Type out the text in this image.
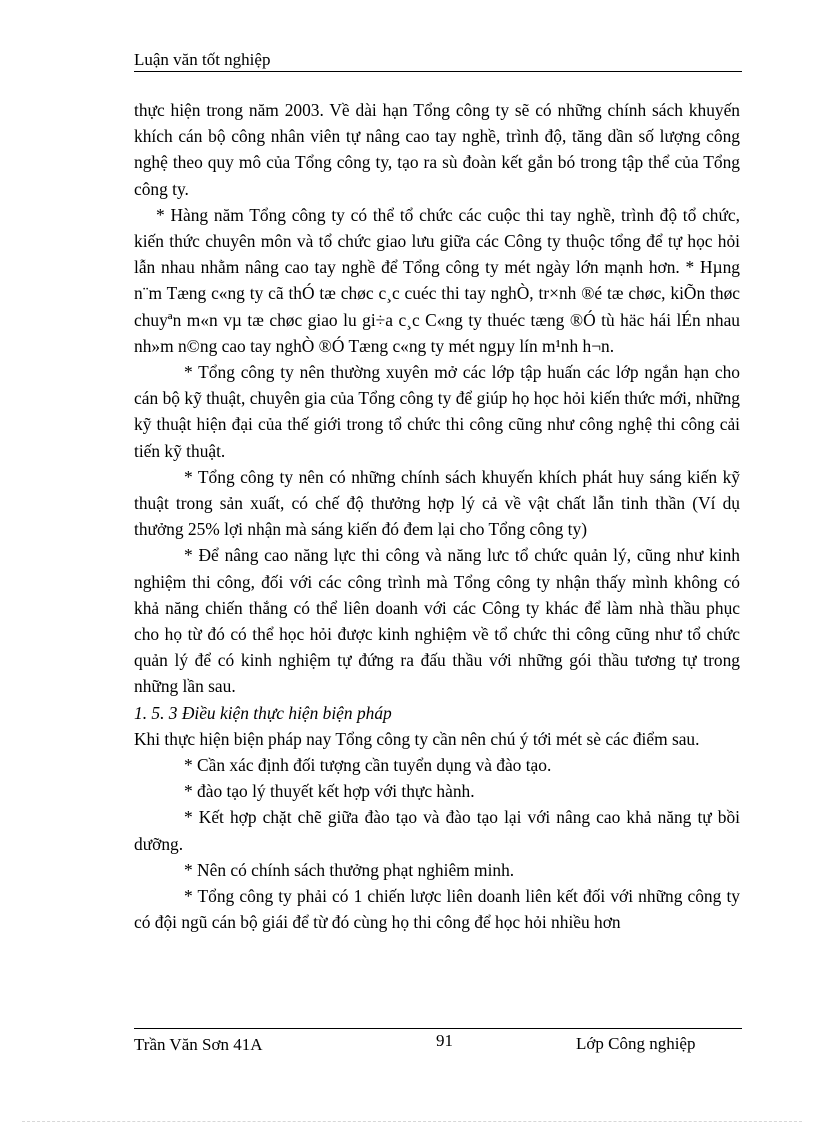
Luận văn tốt nghiệp

thực hiện trong năm 2003. Về dài hạn Tổng công ty sẽ có những chính sách khuyến khích cán bộ công nhân viên tự nâng cao tay nghề, trình độ, tăng dần số lượng công nghệ theo quy mô của Tổng công ty, tạo ra sù đoàn kết gắn bó trong tập thể của Tổng công ty.

* Hàng năm Tổng công ty có thể tổ chức các cuộc thi tay nghề, trình độ tổ chức, kiến thức chuyên môn và tổ chức giao lưu giữa các Công ty thuộc tổng để tự học hỏi lẫn nhau nhằm nâng cao tay nghề để Tổng công ty mét ngày lớn mạnh hơn. * Hµng n¨m Tæng c«ng ty cã thÓ tæ chøc c¸c cuéc thi tay nghÒ, tr×nh ®é tæ chøc, kiÕn thøc chuyªn m«n vµ tæ chøc giao lu gi÷a c¸c C«ng ty thuéc tæng ®Ó tù häc hái lÉn nhau nh»m n©ng cao tay nghÒ ®Ó Tæng c«ng ty mét ngµy lín m¹nh h¬n.

* Tổng công ty nên thường xuyên mở các lớp tập huấn các lớp ngắn hạn cho cán bộ kỹ thuật, chuyên gia của Tổng công ty để giúp họ học hỏi kiến thức mới, những kỹ thuật hiện đại của thế giới trong tổ chức thi công cũng như công nghệ thi công cải tiến kỹ thuật.

* Tổng công ty nên có những chính sách khuyến khích phát huy sáng kiến kỹ thuật trong sản xuất, có chế độ thưởng hợp lý cả về vật chất lẫn tinh thần (Ví dụ thưởng 25% lợi nhận mà sáng kiến đó đem lại cho Tổng công ty)

* Để nâng cao năng lực thi công và năng lưc tổ chức quản lý, cũng như kinh nghiệm thi công, đối với các công trình mà Tổng công ty nhận thấy mình không có khả năng chiến thắng có thể liên doanh với các Công ty khác để làm nhà thầu phục cho họ từ đó có thể học hỏi được kinh nghiệm về tổ chức thi công cũng như tổ chức quản lý để có kinh nghiệm tự đứng ra đấu thầu với những gói thầu tương tự trong những lần sau.

1. 5. 3 Điều kiện thực hiện biện pháp

Khi thực hiện biện pháp nay Tổng công ty cần nên chú ý tới mét sè các điểm sau.

* Cần xác định đối tượng cần tuyển dụng và đào tạo.

* đào tạo lý thuyết kết hợp với thực hành.

* Kết hợp chặt chẽ giữa đào tạo và đào tạo lại với nâng cao khả năng tự bồi dưỡng.

* Nên có chính sách thưởng phạt nghiêm minh.

* Tổng công ty phải có 1 chiến lược liên doanh liên kết đối với những công ty có đội ngũ cán bộ giái để từ đó cùng họ thi công để học hỏi nhiều hơn

Trần Văn Sơn 41A	91	Lớp Công nghiệp
